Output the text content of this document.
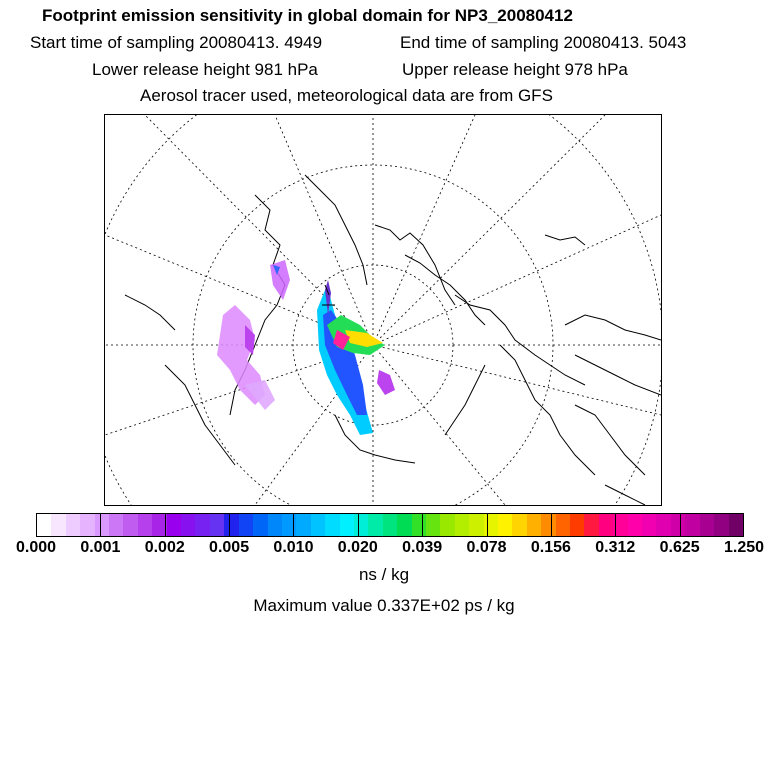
Footprint emission sensitivity in global domain for NP3_20080412
Start time of sampling 20080413. 4949	End time of sampling 20080413. 5043
Lower release height 981 hPa	Upper release height 978 hPa
Aerosol tracer used, meteorological data are from GFS
0.000 0.001 0.002 0.005 0.010 0.020 0.039 0.078 0.156 0.312 0.625 1.250
ns / kg
Maximum value 0.337E+02 ps / kg
